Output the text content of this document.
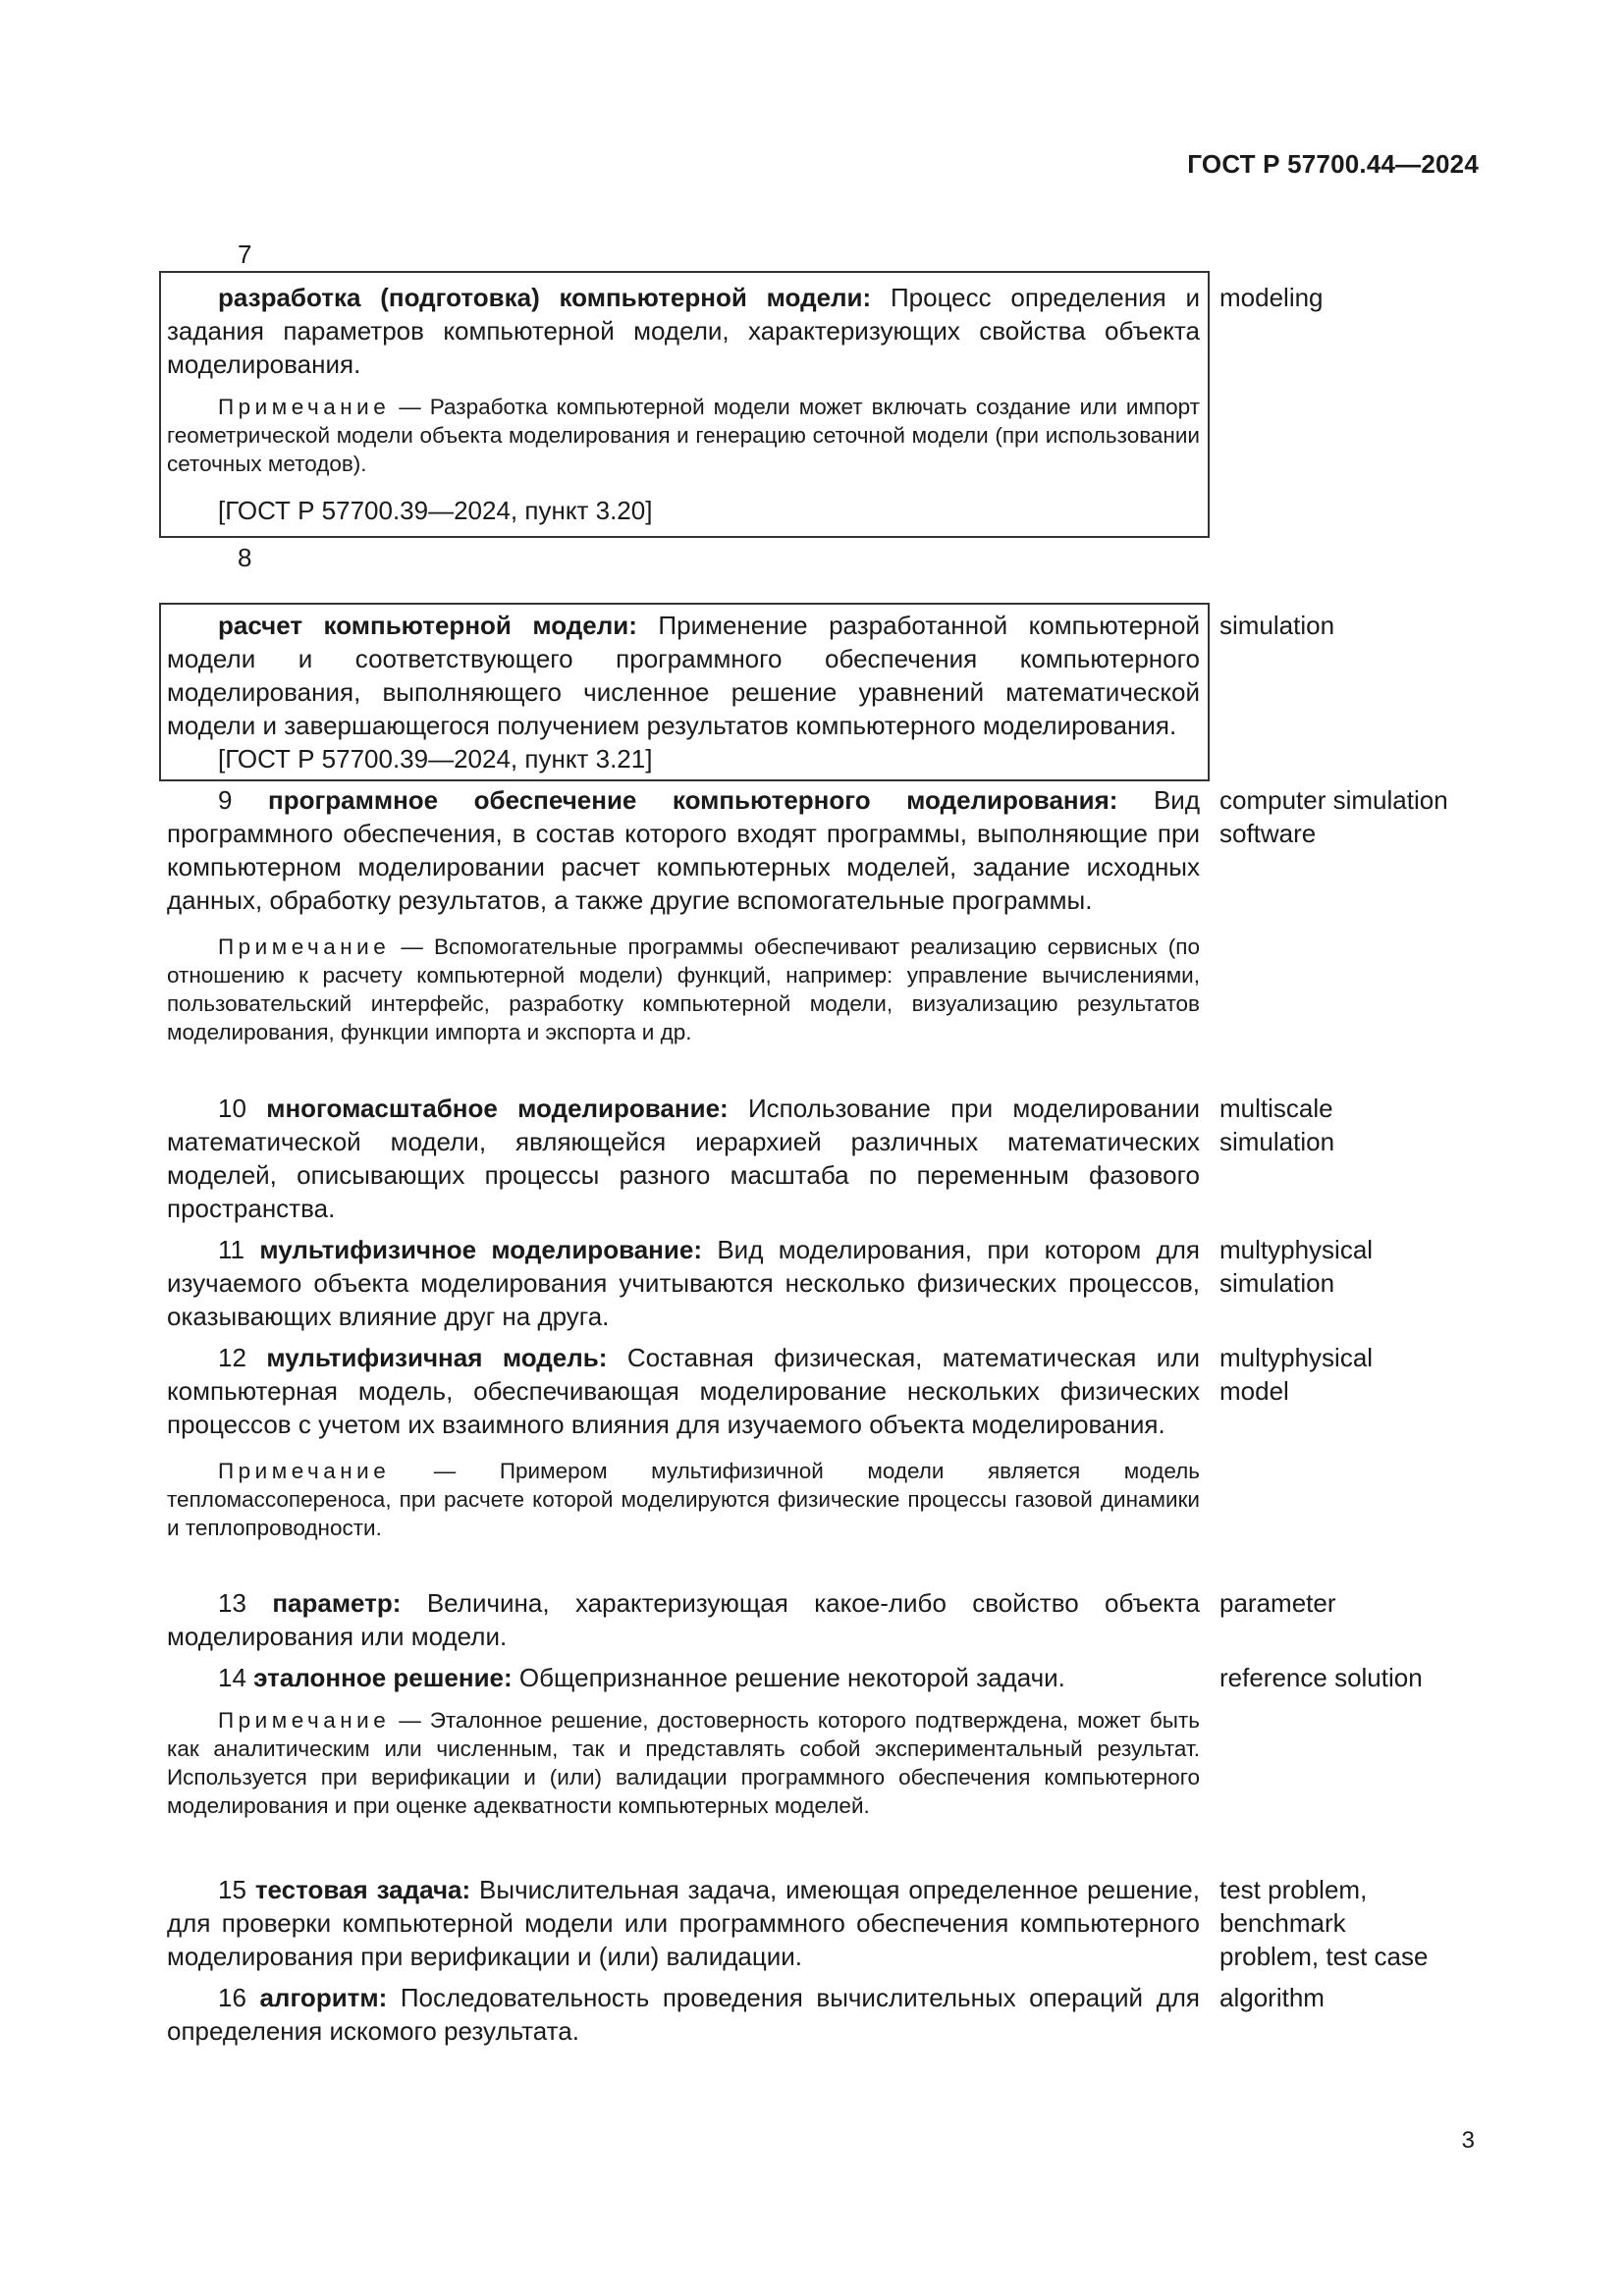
ГОСТ Р 57700.44—2024
7
разработка (подготовка) компьютерной модели: Процесс определения и задания параметров компьютерной модели, характеризующих свойства объекта моделирования.
Примечание — Разработка компьютерной модели может включать создание или импорт геометрической модели объекта моделирования и генерацию сеточной модели (при использовании сеточных методов).
[ГОСТ Р 57700.39—2024, пункт 3.20]
modeling
8
расчет компьютерной модели: Применение разработанной компьютерной модели и соответствующего программного обеспечения компьютерного моделирования, выполняющего численное решение уравнений математической модели и завершающегося получением результатов компьютерного моделирования.
[ГОСТ Р 57700.39—2024, пункт 3.21]
simulation
9 программное обеспечение компьютерного моделирования: Вид программного обеспечения, в состав которого входят программы, выполняющие при компьютерном моделировании расчет компьютерных моделей, задание исходных данных, обработку результатов, а также другие вспомогательные программы.
Примечание — Вспомогательные программы обеспечивают реализацию сервисных (по отношению к расчету компьютерной модели) функций, например: управление вычислениями, пользовательский интерфейс, разработку компьютерной модели, визуализацию результатов моделирования, функции импорта и экспорта и др.
computer simulation
software
10 многомасштабное моделирование: Использование при моделировании математической модели, являющейся иерархией различных математических моделей, описывающих процессы разного масштаба по переменным фазового пространства.
multiscale
simulation
11 мультифизичное моделирование: Вид моделирования, при котором для изучаемого объекта моделирования учитываются несколько физических процессов, оказывающих влияние друг на друга.
multyphysical
simulation
12 мультифизичная модель: Составная физическая, математическая или компьютерная модель, обеспечивающая моделирование нескольких физических процессов с учетом их взаимного влияния для изучаемого объекта моделирования.
Примечание — Примером мультифизичной модели является модель тепломассопереноса, при расчете которой моделируются физические процессы газовой динамики и теплопроводности.
multyphysical
model
13 параметр: Величина, характеризующая какое-либо свойство объекта моделирования или модели.
parameter
14 эталонное решение: Общепризнанное решение некоторой задачи.
Примечание — Эталонное решение, достоверность которого подтверждена, может быть как аналитическим или численным, так и представлять собой экспериментальный результат. Используется при верификации и (или) валидации программного обеспечения компьютерного моделирования и при оценке адекватности компьютерных моделей.
reference solution
15 тестовая задача: Вычислительная задача, имеющая определенное решение, для проверки компьютерной модели или программного обеспечения компьютерного моделирования при верификации и (или) валидации.
test problem,
benchmark
problem, test case
16 алгоритм: Последовательность проведения вычислительных операций для определения искомого результата.
algorithm
3
